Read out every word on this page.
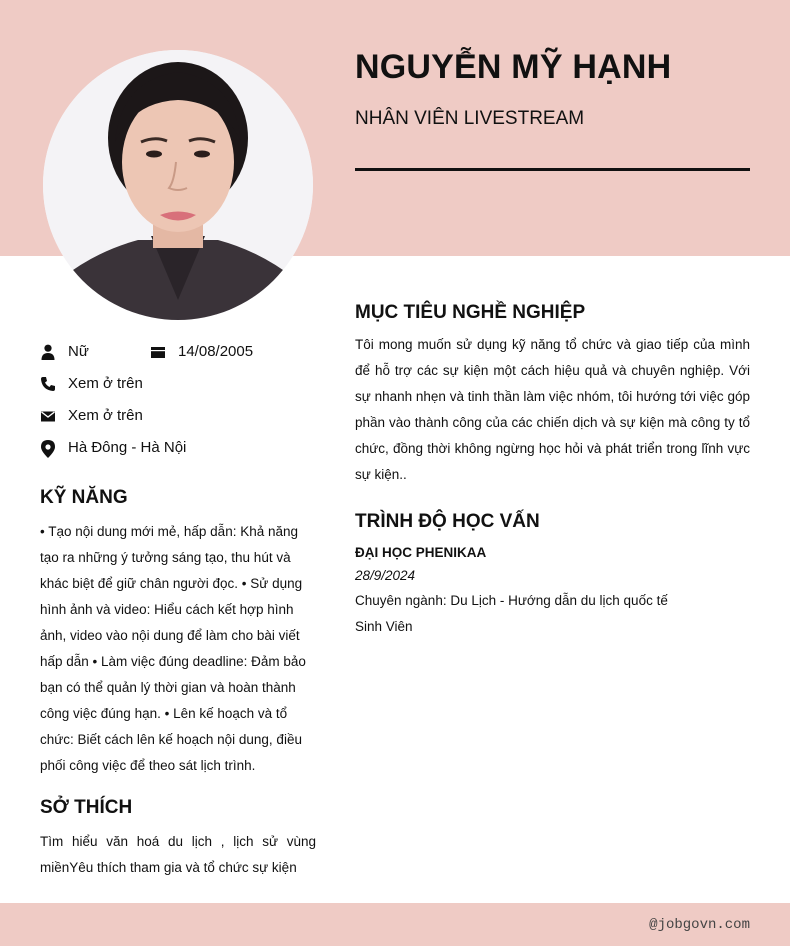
NGUYỄN MỸ HẠNH
NHÂN VIÊN LIVESTREAM
Nữ	14/08/2005
Xem ở trên
Xem ở trên
Hà Đông - Hà Nội
KỸ NĂNG
• Tạo nội dung mới mẻ, hấp dẫn: Khả năng tạo ra những ý tưởng sáng tạo, thu hút và khác biệt để giữ chân người đọc. • Sử dụng hình ảnh và video: Hiểu cách kết hợp hình ảnh, video vào nội dung để làm cho bài viết hấp dẫn • Làm việc đúng deadline: Đảm bảo bạn có thể quản lý thời gian và hoàn thành công việc đúng hạn. • Lên kế hoạch và tổ chức: Biết cách lên kế hoạch nội dung, điều phối công việc để theo sát lịch trình.
SỞ THÍCH
Tìm hiểu văn hoá du lịch , lịch sử vùng miềnYêu thích tham gia và tổ chức sự kiện
MỤC TIÊU NGHỀ NGHIỆP
Tôi mong muốn sử dụng kỹ năng tổ chức và giao tiếp của mình để hỗ trợ các sự kiện một cách hiệu quả và chuyên nghiệp. Với sự nhanh nhẹn và tinh thần làm việc nhóm, tôi hướng tới việc góp phần vào thành công của các chiến dịch và sự kiện mà công ty tổ chức, đồng thời không ngừng học hỏi và phát triển trong lĩnh vực sự kiện..
TRÌNH ĐỘ HỌC VẤN
ĐẠI HỌC PHENIKAA
28/9/2024
Chuyên ngành: Du Lịch - Hướng dẫn du lịch quốc tế
Sinh Viên
@jobgovn.com
